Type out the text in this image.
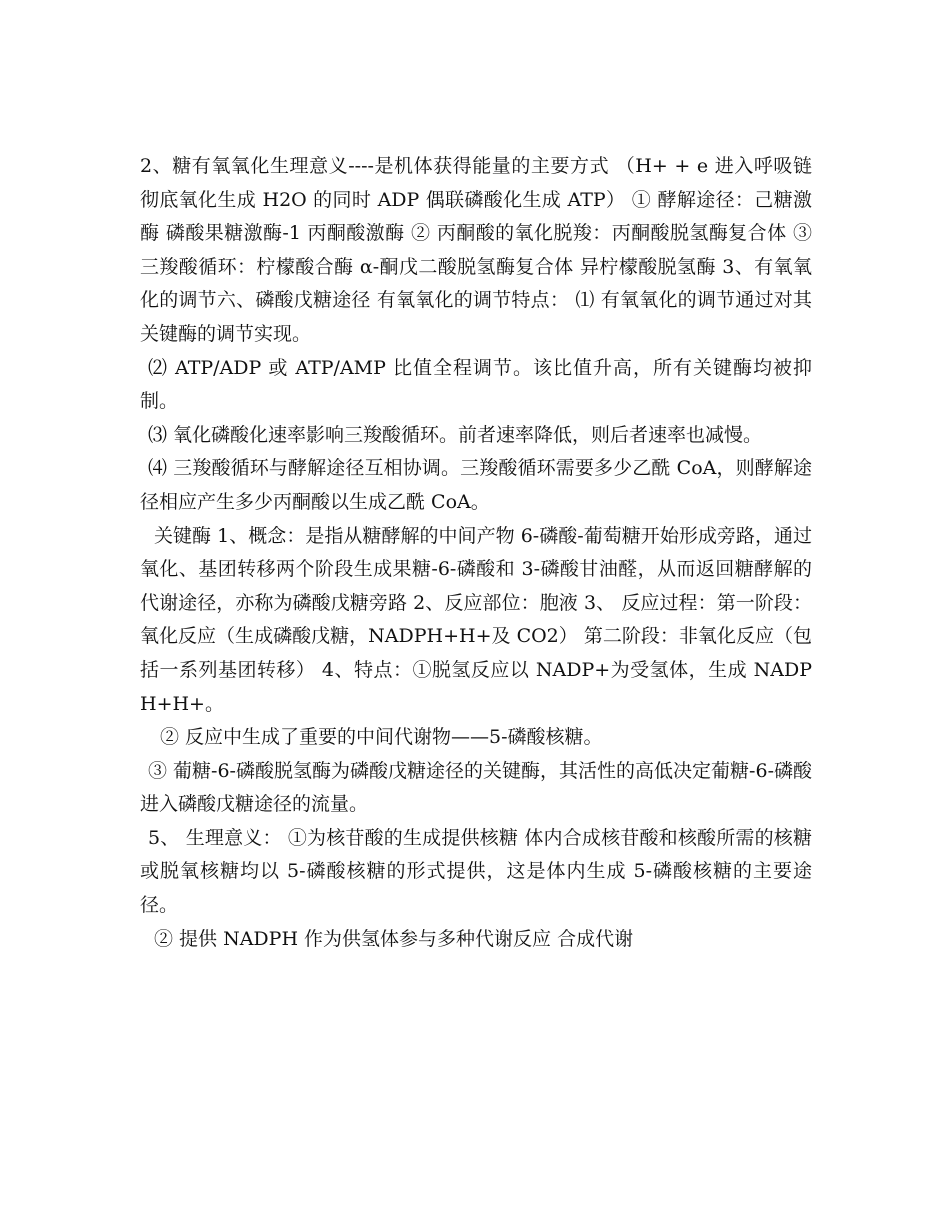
2、糖有氧氧化生理意义----是机体获得能量的主要方式 （H+ + e 进入呼吸链彻底氧化生成 H2O 的同时 ADP 偶联磷酸化生成 ATP） ① 酵解途径：己糖激酶 磷酸果糖激酶-1 丙酮酸激酶 ② 丙酮酸的氧化脱羧：丙酮酸脱氢酶复合体 ③ 三羧酸循环：柠檬酸合酶 α-酮戊二酸脱氢酶复合体 异柠檬酸脱氢酶 3、有氧氧化的调节六、磷酸戊糖途径 有氧氧化的调节特点： ⑴ 有氧氧化的调节通过对其关键酶的调节实现。

⑵ ATP/ADP 或 ATP/AMP 比值全程调节。该比值升高，所有关键酶均被抑制。

⑶ 氧化磷酸化速率影响三羧酸循环。前者速率降低，则后者速率也减慢。

⑷ 三羧酸循环与酵解途径互相协调。三羧酸循环需要多少乙酰 CoA，则酵解途径相应产生多少丙酮酸以生成乙酰 CoA。

关键酶 1、概念：是指从糖酵解的中间产物 6-磷酸-葡萄糖开始形成旁路，通过氧化、基团转移两个阶段生成果糖-6-磷酸和 3-磷酸甘油醛，从而返回糖酵解的代谢途径，亦称为磷酸戊糖旁路 2、反应部位：胞液 3、 反应过程：第一阶段：氧化反应（生成磷酸戊糖，NADPH+H+及 CO2） 第二阶段：非氧化反应（包括一系列基团转移） 4、特点：①脱氢反应以 NADP+为受氢体，生成 NADPH+H+。

② 反应中生成了重要的中间代谢物——5-磷酸核糖。

③ 葡糖-6-磷酸脱氢酶为磷酸戊糖途径的关键酶，其活性的高低决定葡糖-6-磷酸进入磷酸戊糖途径的流量。

5、 生理意义： ①为核苷酸的生成提供核糖 体内合成核苷酸和核酸所需的核糖或脱氧核糖均以 5-磷酸核糖的形式提供，这是体内生成 5-磷酸核糖的主要途径。

② 提供 NADPH 作为供氢体参与多种代谢反应 合成代谢
